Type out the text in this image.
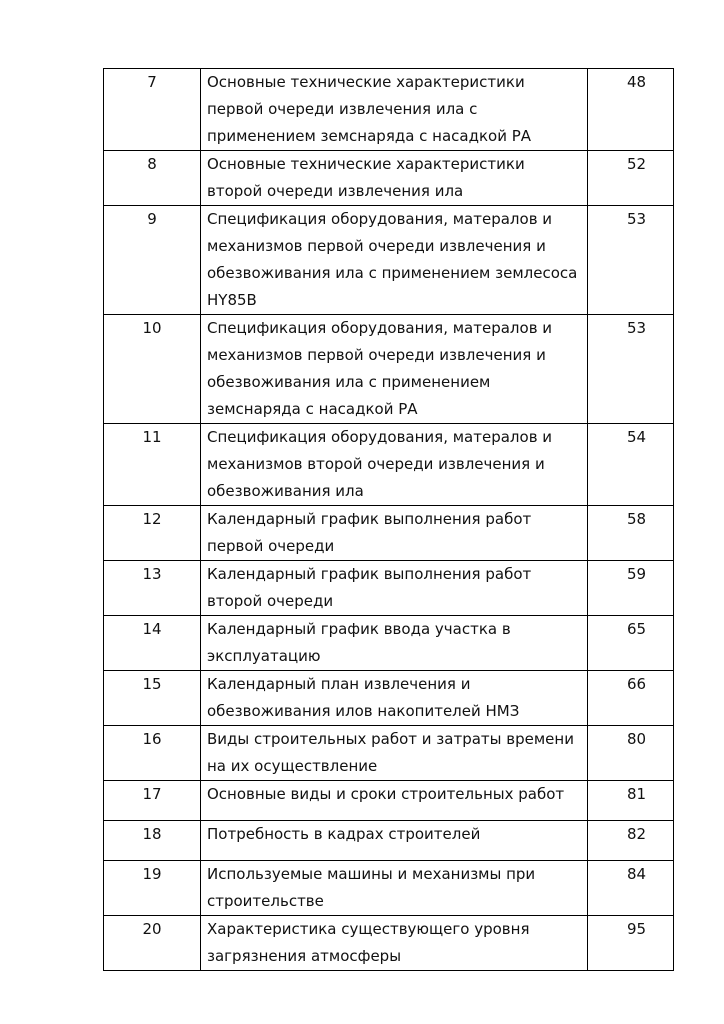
7	Основные технические характеристики первой очереди извлечения ила с применением земснаряда с насадкой РА	48
8	Основные технические характеристики второй очереди извлечения ила	52
9	Спецификация оборудования, матерaлов и механизмов первой очереди извлечения и обезвоживания ила с применением землесоса HY85B	53
10	Спецификация оборудования, матерaлов и механизмов первой очереди извлечения и обезвоживания ила с применением земснаряда с насадкой РА	53
11	Спецификация оборудования, матерaлов и механизмов второй очереди извлечения и обезвоживания ила	54
12	Календарный график выполнения работ первой очереди	58
13	Календарный график выполнения работ второй очереди	59
14	Календарный график ввода участка в эксплуатацию	65
15	Календарный план извлечения и обезвоживания илов накопителей НМЗ	66
16	Виды строительных работ и затраты времени на их осуществление	80
17	Основные виды и сроки строительных работ	81
18	Потребность в кадрах строителей	82
19	Используемые машины и механизмы при строительстве	84
20	Характеристика существующего уровня загрязнения атмосферы	95
